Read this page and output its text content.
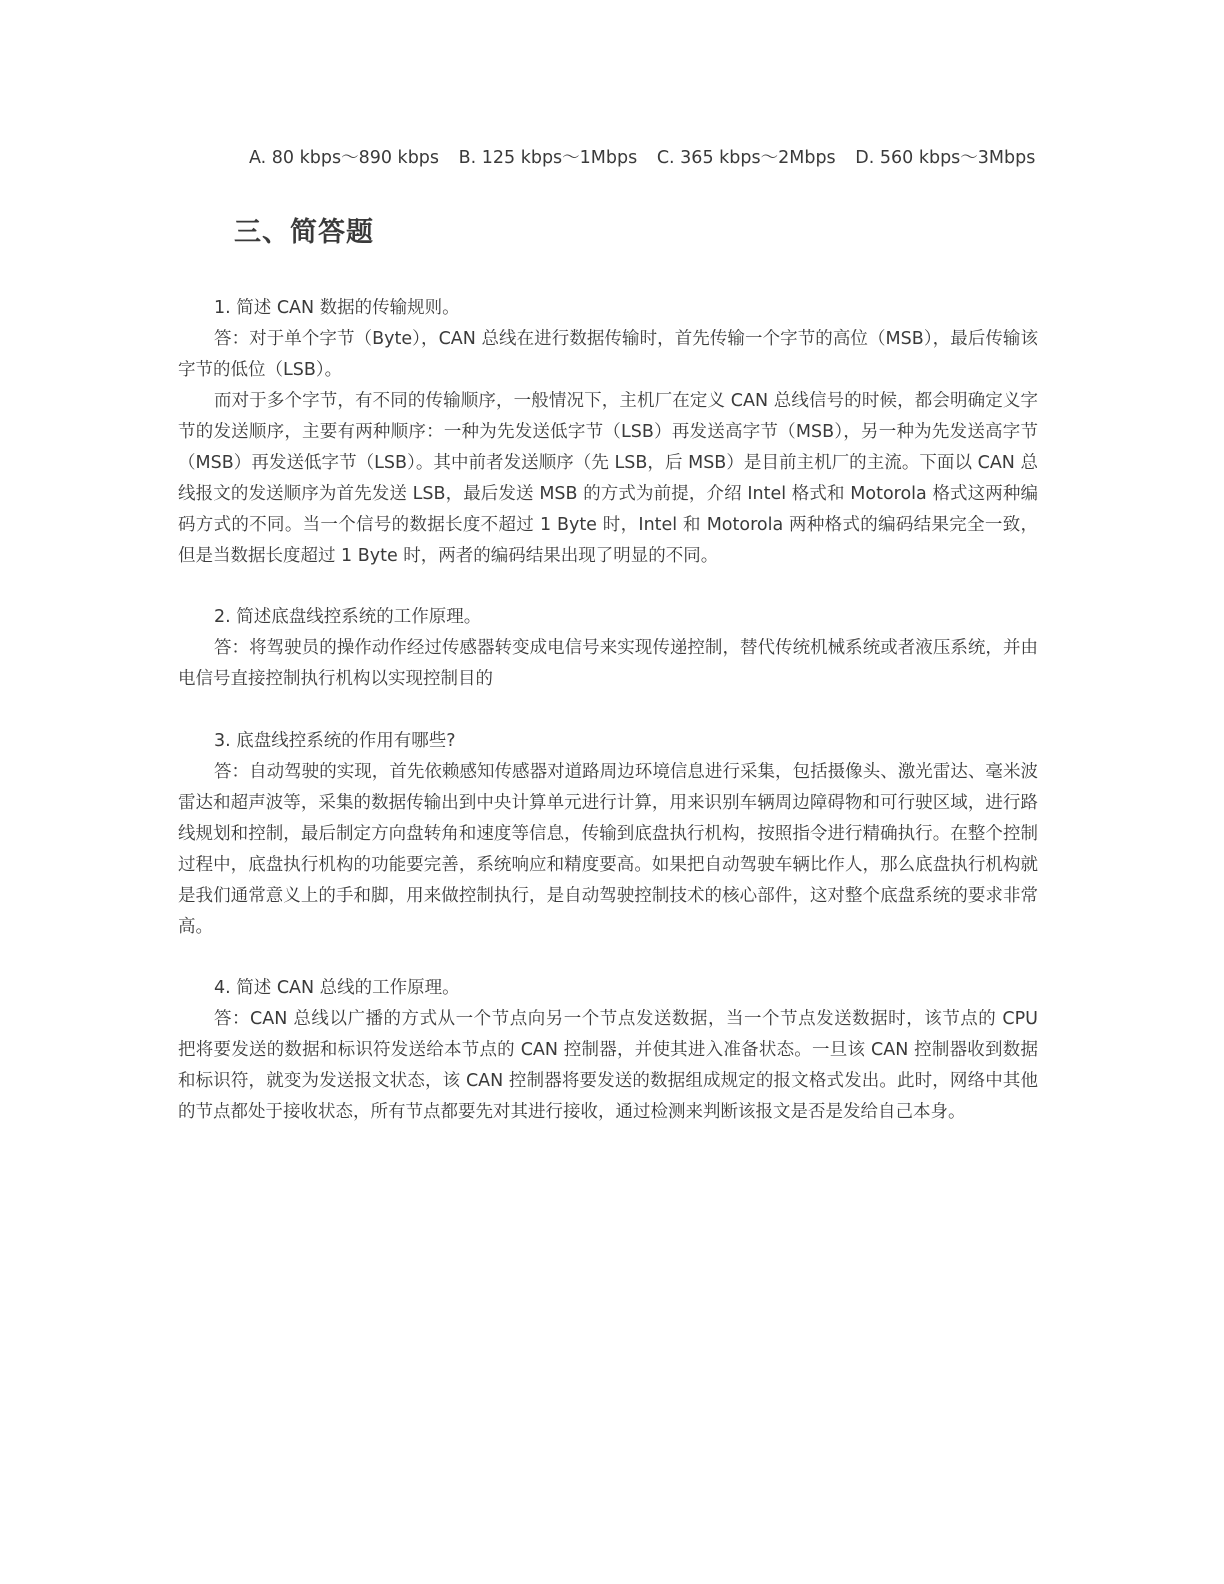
A. 80 kbps～890 kbps B. 125 kbps～1Mbps C. 365 kbps～2Mbps D. 560 kbps～3Mbps
三、简答题

1. 简述 CAN 数据的传输规则。

答：对于单个字节（Byte），CAN 总线在进行数据传输时，首先传输一个字节的高位（MSB），最后传输该字节的低位（LSB）。

而对于多个字节，有不同的传输顺序，一般情况下，主机厂在定义 CAN 总线信号的时候，都会明确定义字节的发送顺序，主要有两种顺序：一种为先发送低字节（LSB）再发送高字节（MSB），另一种为先发送高字节（MSB）再发送低字节（LSB）。其中前者发送顺序（先 LSB，后 MSB）是目前主机厂的主流。下面以 CAN 总线报文的发送顺序为首先发送 LSB，最后发送 MSB 的方式为前提，介绍 Intel 格式和 Motorola 格式这两种编码方式的不同。当一个信号的数据长度不超过 1 Byte 时，Intel 和 Motorola 两种格式的编码结果完全一致，但是当数据长度超过 1 Byte 时，两者的编码结果出现了明显的不同。

2. 简述底盘线控系统的工作原理。

答：将驾驶员的操作动作经过传感器转变成电信号来实现传递控制，替代传统机械系统或者液压系统，并由电信号直接控制执行机构以实现控制目的

3. 底盘线控系统的作用有哪些?

答：自动驾驶的实现，首先依赖感知传感器对道路周边环境信息进行采集，包括摄像头、激光雷达、毫米波雷达和超声波等，采集的数据传输出到中央计算单元进行计算，用来识别车辆周边障碍物和可行驶区域，进行路线规划和控制，最后制定方向盘转角和速度等信息，传输到底盘执行机构，按照指令进行精确执行。在整个控制过程中，底盘执行机构的功能要完善，系统响应和精度要高。如果把自动驾驶车辆比作人，那么底盘执行机构就是我们通常意义上的手和脚，用来做控制执行，是自动驾驶控制技术的核心部件，这对整个底盘系统的要求非常高。

4. 简述 CAN 总线的工作原理。

答：CAN 总线以广播的方式从一个节点向另一个节点发送数据，当一个节点发送数据时，该节点的 CPU 把将要发送的数据和标识符发送给本节点的 CAN 控制器，并使其进入准备状态。一旦该 CAN 控制器收到数据和标识符，就变为发送报文状态，该 CAN 控制器将要发送的数据组成规定的报文格式发出。此时，网络中其他的节点都处于接收状态，所有节点都要先对其进行接收，通过检测来判断该报文是否是发给自己本身。
